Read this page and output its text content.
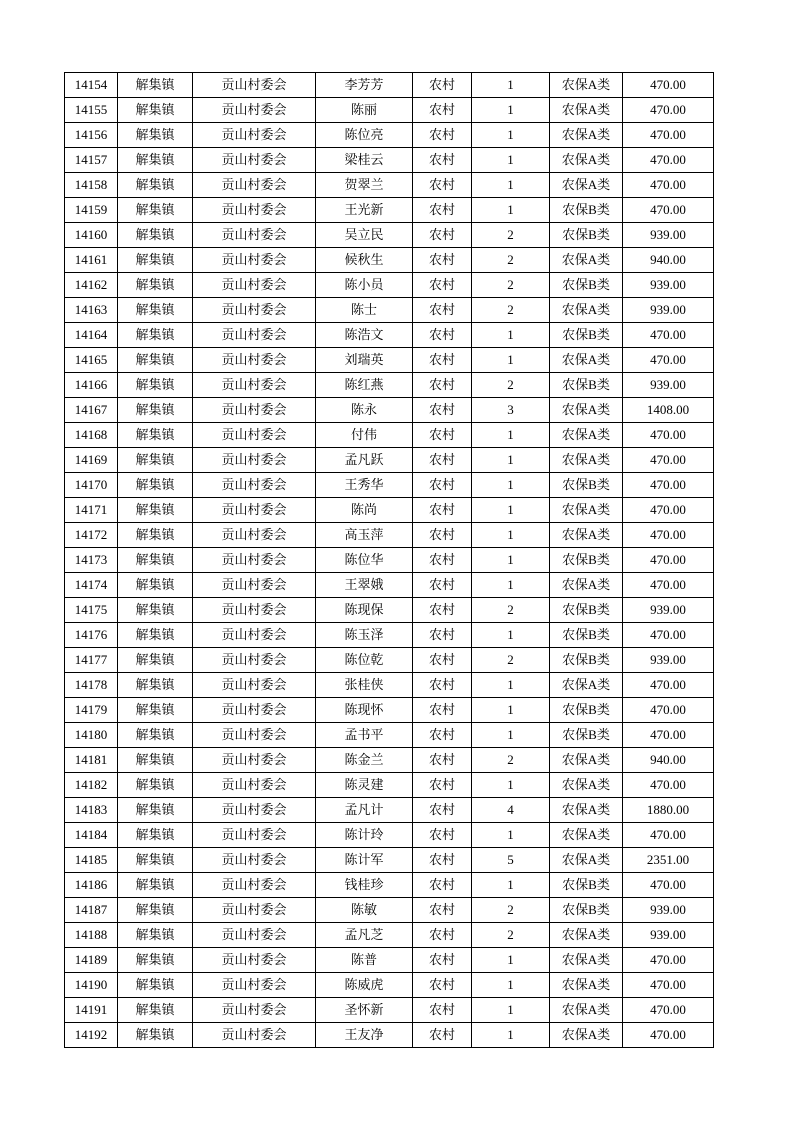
14154	解集镇	贡山村委会	李芳芳	农村	1	农保A类	470.00
14155	解集镇	贡山村委会	陈丽	农村	1	农保A类	470.00
14156	解集镇	贡山村委会	陈位亮	农村	1	农保A类	470.00
14157	解集镇	贡山村委会	梁桂云	农村	1	农保A类	470.00
14158	解集镇	贡山村委会	贺翠兰	农村	1	农保A类	470.00
14159	解集镇	贡山村委会	王光新	农村	1	农保B类	470.00
14160	解集镇	贡山村委会	吴立民	农村	2	农保B类	939.00
14161	解集镇	贡山村委会	候秋生	农村	2	农保A类	940.00
14162	解集镇	贡山村委会	陈小员	农村	2	农保B类	939.00
14163	解集镇	贡山村委会	陈士	农村	2	农保A类	939.00
14164	解集镇	贡山村委会	陈浩文	农村	1	农保B类	470.00
14165	解集镇	贡山村委会	刘瑞英	农村	1	农保A类	470.00
14166	解集镇	贡山村委会	陈红燕	农村	2	农保B类	939.00
14167	解集镇	贡山村委会	陈永	农村	3	农保A类	1408.00
14168	解集镇	贡山村委会	付伟	农村	1	农保A类	470.00
14169	解集镇	贡山村委会	孟凡跃	农村	1	农保A类	470.00
14170	解集镇	贡山村委会	王秀华	农村	1	农保B类	470.00
14171	解集镇	贡山村委会	陈尚	农村	1	农保A类	470.00
14172	解集镇	贡山村委会	高玉萍	农村	1	农保A类	470.00
14173	解集镇	贡山村委会	陈位华	农村	1	农保B类	470.00
14174	解集镇	贡山村委会	王翠娥	农村	1	农保A类	470.00
14175	解集镇	贡山村委会	陈现保	农村	2	农保B类	939.00
14176	解集镇	贡山村委会	陈玉泽	农村	1	农保B类	470.00
14177	解集镇	贡山村委会	陈位乾	农村	2	农保B类	939.00
14178	解集镇	贡山村委会	张桂侠	农村	1	农保A类	470.00
14179	解集镇	贡山村委会	陈现怀	农村	1	农保B类	470.00
14180	解集镇	贡山村委会	孟书平	农村	1	农保B类	470.00
14181	解集镇	贡山村委会	陈金兰	农村	2	农保A类	940.00
14182	解集镇	贡山村委会	陈灵建	农村	1	农保A类	470.00
14183	解集镇	贡山村委会	孟凡计	农村	4	农保A类	1880.00
14184	解集镇	贡山村委会	陈计玲	农村	1	农保A类	470.00
14185	解集镇	贡山村委会	陈计军	农村	5	农保A类	2351.00
14186	解集镇	贡山村委会	钱桂珍	农村	1	农保B类	470.00
14187	解集镇	贡山村委会	陈敏	农村	2	农保B类	939.00
14188	解集镇	贡山村委会	孟凡芝	农村	2	农保A类	939.00
14189	解集镇	贡山村委会	陈普	农村	1	农保A类	470.00
14190	解集镇	贡山村委会	陈威虎	农村	1	农保A类	470.00
14191	解集镇	贡山村委会	圣怀新	农村	1	农保A类	470.00
14192	解集镇	贡山村委会	王友净	农村	1	农保A类	470.00
